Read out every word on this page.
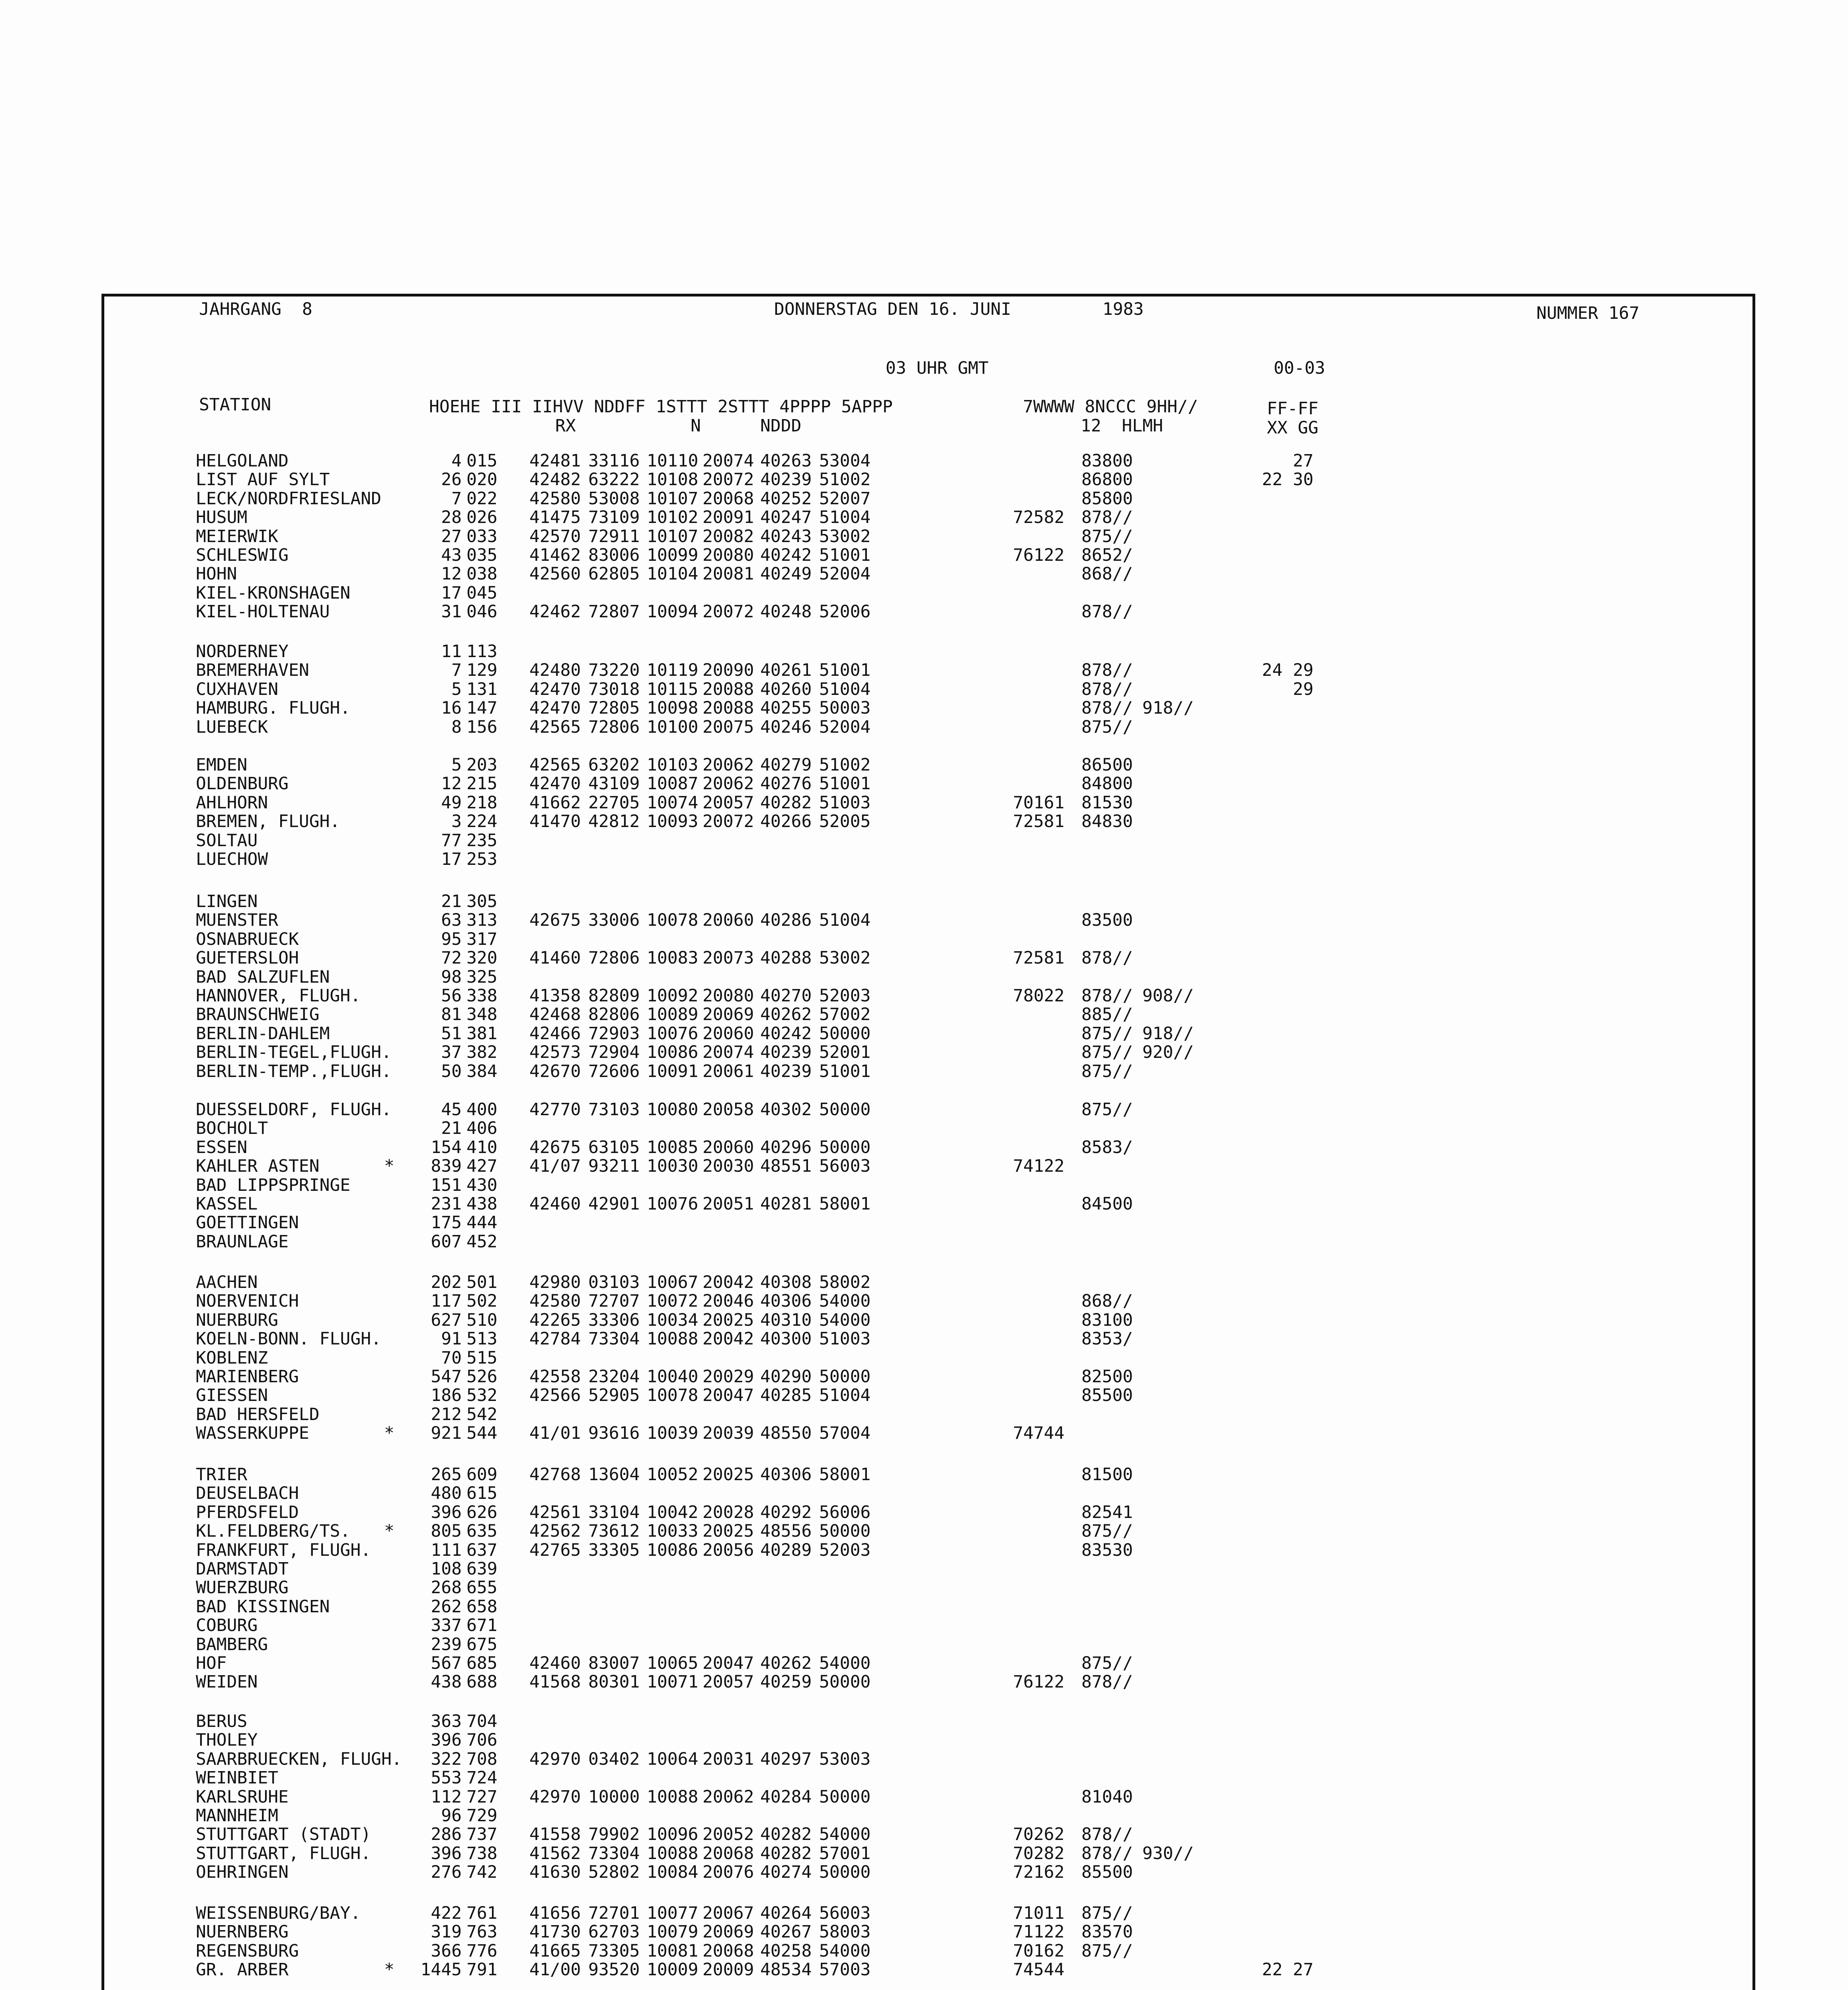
JAHRGANG  8	DONNERSTAG DEN 16. JUNI	1983	NUMMER 167
03 UHR GMT	00-03
STATION	HOEHE III IIHVV NDDFF 1STTT 2STTT 4PPPP 5APPP	7WWWW 8NCCC 9HH//	FF-FF
RX	N	NDDD	12  HLMH	XX GG
HELGOLAND	4 015 42481 33116 10110 20074 40263 53004	83800	27
LIST AUF SYLT	26 020 42482 63222 10108 20072 40239 51002	86800	22 30
LECK/NORDFRIESLAND	7 022 42580 53008 10107 20068 40252 52007	85800
HUSUM	28 026 41475 73109 10102 20091 40247 51004	72582 878//
MEIERWIK	27 033 42570 72911 10107 20082 40243 53002	875//
SCHLESWIG	43 035 41462 83006 10099 20080 40242 51001	76122 8652/
HOHN	12 038 42560 62805 10104 20081 40249 52004	868//
KIEL-KRONSHAGEN	17 045
KIEL-HOLTENAU	31 046 42462 72807 10094 20072 40248 52006	878//
NORDERNEY	11 113
BREMERHAVEN	7 129 42480 73220 10119 20090 40261 51001	878//	24 29
CUXHAVEN	5 131 42470 73018 10115 20088 40260 51004	878//	29
HAMBURG. FLUGH.	16 147 42470 72805 10098 20088 40255 50003	878// 918//
LUEBECK	8 156 42565 72806 10100 20075 40246 52004	875//
EMDEN	5 203 42565 63202 10103 20062 40279 51002	86500
OLDENBURG	12 215 42470 43109 10087 20062 40276 51001	84800
AHLHORN	49 218 41662 22705 10074 20057 40282 51003	70161 81530
BREMEN, FLUGH.	3 224 41470 42812 10093 20072 40266 52005	72581 84830
SOLTAU	77 235
LUECHOW	17 253
LINGEN	21 305
MUENSTER	63 313 42675 33006 10078 20060 40286 51004	83500
OSNABRUECK	95 317
GUETERSLOH	72 320 41460 72806 10083 20073 40288 53002	72581 878//
BAD SALZUFLEN	98 325
HANNOVER, FLUGH.	56 338 41358 82809 10092 20080 40270 52003	78022 878// 908//
BRAUNSCHWEIG	81 348 42468 82806 10089 20069 40262 57002	885//
BERLIN-DAHLEM	51 381 42466 72903 10076 20060 40242 50000	875// 918//
BERLIN-TEGEL,FLUGH.	37 382 42573 72904 10086 20074 40239 52001	875// 920//
BERLIN-TEMP.,FLUGH.	50 384 42670 72606 10091 20061 40239 51001	875//
DUESSELDORF, FLUGH.	45 400 42770 73103 10080 20058 40302 50000	875//
BOCHOLT	21 406
ESSEN	154 410 42675 63105 10085 20060 40296 50000	8583/
KAHLER ASTEN	*	839 427 41/07 93211 10030 20030 48551 56003	74122
BAD LIPPSPRINGE	151 430
KASSEL	231 438 42460 42901 10076 20051 40281 58001	84500
GOETTINGEN	175 444
BRAUNLAGE	607 452
AACHEN	202 501 42980 03103 10067 20042 40308 58002
NOERVENICH	117 502 42580 72707 10072 20046 40306 54000	868//
NUERBURG	627 510 42265 33306 10034 20025 40310 54000	83100
KOELN-BONN. FLUGH.	91 513 42784 73304 10088 20042 40300 51003	8353/
KOBLENZ	70 515
MARIENBERG	547 526 42558 23204 10040 20029 40290 50000	82500
GIESSEN	186 532 42566 52905 10078 20047 40285 51004	85500
BAD HERSFELD	212 542
WASSERKUPPE	*	921 544 41/01 93616 10039 20039 48550 57004	74744
TRIER	265 609 42768 13604 10052 20025 40306 58001	81500
DEUSELBACH	480 615
PFERDSFELD	396 626 42561 33104 10042 20028 40292 56006	82541
KL.FELDBERG/TS. *	805 635 42562 73612 10033 20025 48556 50000	875//
FRANKFURT, FLUGH.	111 637 42765 33305 10086 20056 40289 52003	83530
DARMSTADT	108 639
WUERZBURG	268 655
BAD KISSINGEN	262 658
COBURG	337 671
BAMBERG	239 675
HOF	567 685 42460 83007 10065 20047 40262 54000	875//
WEIDEN	438 688 41568 80301 10071 20057 40259 50000	76122 878//
BERUS	363 704
THOLEY	396 706
SAARBRUECKEN, FLUGH.	322 708 42970 03402 10064 20031 40297 53003
WEINBIET	553 724
KARLSRUHE	112 727 42970 10000 10088 20062 40284 50000	81040
MANNHEIM	96 729
STUTTGART (STADT)	286 737 41558 79902 10096 20052 40282 54000	70262 878//
STUTTGART, FLUGH.	396 738 41562 73304 10088 20068 40282 57001	70282 878// 930//
OEHRINGEN	276 742 41630 52802 10084 20076 40274 50000	72162 85500
WEISSENBURG/BAY.	422 761 41656 72701 10077 20067 40264 56003	71011 875//
NUERNBERG	319 763 41730 62703 10079 20069 40267 58003	71122 83570
REGENSBURG	366 776 41665 73305 10081 20068 40258 54000	70162 875//
GR. ARBER	*	1445 791 41/00 93520 10009 20009 48534 57003	74544	22 27
